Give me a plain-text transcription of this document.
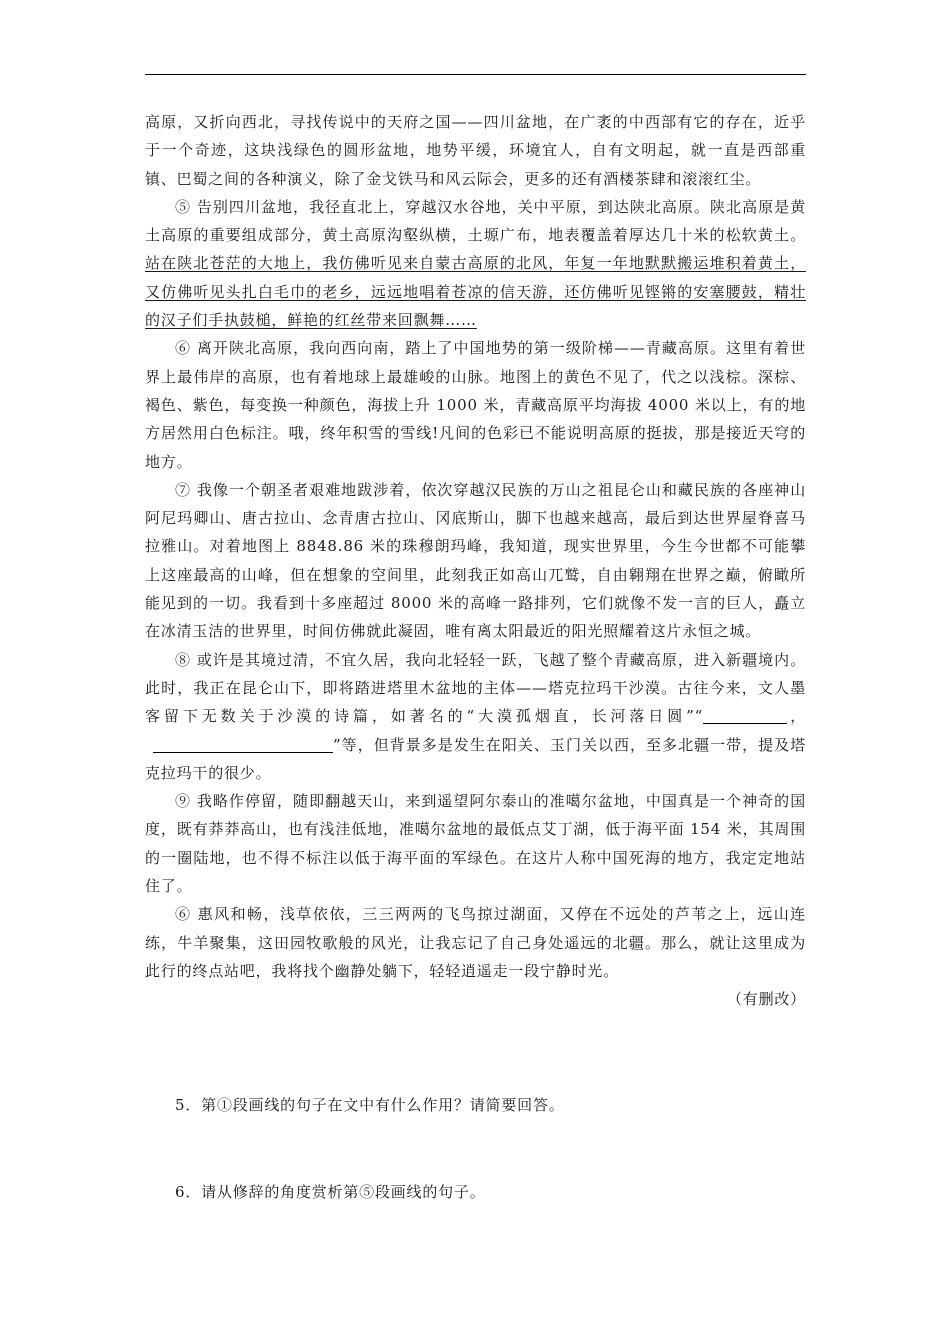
高原，又折向西北，寻找传说中的天府之国——四川盆地，在广袤的中西部有它的存在，近乎于一个奇迹，这块浅绿色的圆形盆地，地势平缓，环境宜人，自有文明起，就一直是西部重镇、巴蜀之间的各种演义，除了金戈铁马和风云际会，更多的还有酒楼茶肆和滚滚红尘。

⑤ 告别四川盆地，我径直北上，穿越汉水谷地，关中平原，到达陕北高原。陕北高原是黄土高原的重要组成部分，黄土高原沟壑纵横，土塬广布，地表覆盖着厚达几十米的松软黄土。站在陕北苍茫的大地上，我仿佛听见来自蒙古高原的北风，年复一年地默默搬运堆积着黄土，又仿佛听见头扎白毛巾的老乡，远远地唱着苍凉的信天游，还仿佛听见铿锵的安塞腰鼓，精壮的汉子们手执鼓槌，鲜艳的红丝带来回飘舞……

⑥ 离开陕北高原，我向西向南，踏上了中国地势的第一级阶梯——青藏高原。这里有着世界上最伟岸的高原，也有着地球上最雄峻的山脉。地图上的黄色不见了，代之以浅棕。深棕、褐色、紫色，每变换一种颜色，海拔上升 1000 米，青藏高原平均海拔 4000 米以上，有的地方居然用白色标注。哦，终年积雪的雪线!凡间的色彩已不能说明高原的挺拔，那是接近天穹的地方。

⑦ 我像一个朝圣者艰难地跋涉着，依次穿越汉民族的万山之祖昆仑山和藏民族的各座神山阿尼玛卿山、唐古拉山、念青唐古拉山、冈底斯山，脚下也越来越高，最后到达世界屋脊喜马拉雅山。对着地图上 8848.86 米的珠穆朗玛峰，我知道，现实世界里，今生今世都不可能攀上这座最高的山峰，但在想象的空间里，此刻我正如高山兀鹫，自由翱翔在世界之巅，俯瞰所能见到的一切。我看到十多座超过 8000 米的高峰一路排列，它们就像不发一言的巨人，矗立在冰清玉洁的世界里，时间仿佛就此凝固，唯有离太阳最近的阳光照耀着这片永恒之城。

⑧ 或许是其境过清，不宜久居，我向北轻轻一跃，飞越了整个青藏高原，进入新疆境内。此时，我正在昆仑山下，即将踏进塔里木盆地的主体——塔克拉玛干沙漠。古往今来，文人墨客留下无数关于沙漠的诗篇，如著名的“大漠孤烟直，长河落日圆”“	，”等，但背景多是发生在阳关、玉门关以西，至多北疆一带，提及塔克拉玛干的很少。

⑨ 我略作停留，随即翻越天山，来到遥望阿尔泰山的准噶尔盆地，中国真是一个神奇的国度，既有莽莽高山，也有浅洼低地，准噶尔盆地的最低点艾丁湖，低于海平面 154 米，其周围的一圈陆地，也不得不标注以低于海平面的军绿色。在这片人称中国死海的地方，我定定地站住了。

⑥ 惠风和畅，浅草依依，三三两两的飞鸟掠过湖面，又停在不远处的芦苇之上，远山连练，牛羊聚集，这田园牧歌般的风光，让我忘记了自己身处遥远的北疆。那么，就让这里成为此行的终点站吧，我将找个幽静处躺下，轻轻逍遥走一段宁静时光。

（有删改）

5．第①段画线的句子在文中有什么作用？请简要回答。
6．请从修辞的角度赏析第⑤段画线的句子。
